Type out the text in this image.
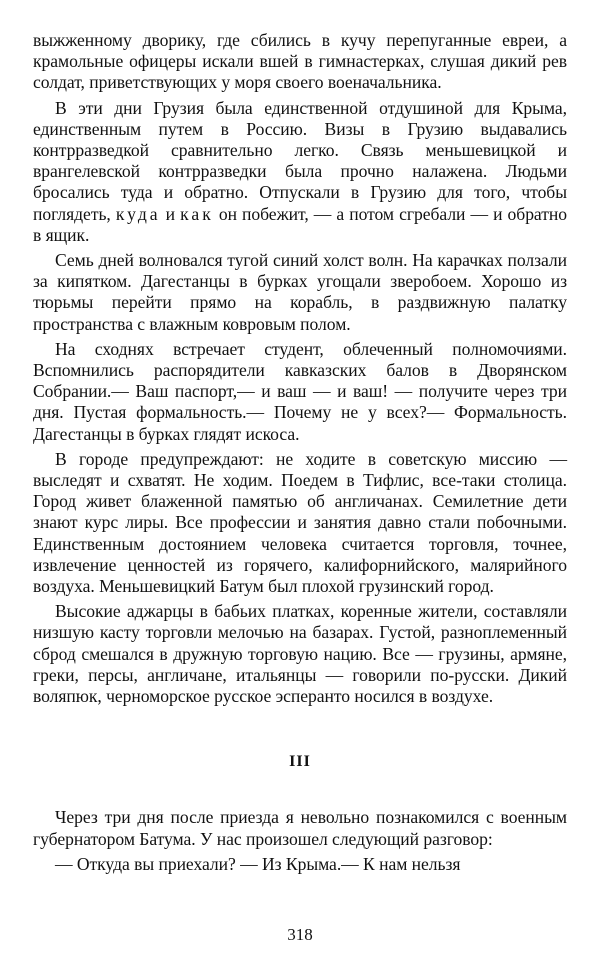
выжженному дворику, где сбились в кучу перепуганные евреи, а крамольные офицеры искали вшей в гимнастерках, слушая дикий рев солдат, приветствующих у моря своего военачальника.

В эти дни Грузия была единственной отдушиной для Крыма, единственным путем в Россию. Визы в Грузию выдавались контрразведкой сравнительно легко. Связь меньшевицкой и врангелевской контрразведки была прочно налажена. Людьми бросались туда и обратно. Отпускали в Грузию для того, чтобы поглядеть, куда и как он побежит, — а потом сгребали — и обратно в ящик.

Семь дней волновался тугой синий холст волн. На карачках ползали за кипятком. Дагестанцы в бурках угощали зверобоем. Хорошо из тюрьмы перейти прямо на корабль, в раздвижную палатку пространства с влажным ковровым полом.

На сходнях встречает студент, облеченный полномочиями. Вспомнились распорядители кавказских балов в Дворянском Собрании.— Ваш паспорт,— и ваш — и ваш! — получите через три дня. Пустая формальность.— Почему не у всех?— Формальность. Дагестанцы в бурках глядят искоса.

В городе предупреждают: не ходите в советскую миссию — выследят и схватят. Не ходим. Поедем в Тифлис, все-таки столица. Город живет блаженной памятью об англичанах. Семилетние дети знают курс лиры. Все профессии и занятия давно стали побочными. Единственным достоянием человека считается торговля, точнее, извлечение ценностей из горячего, калифорнийского, малярийного воздуха. Меньшевицкий Батум был плохой грузинский город.

Высокие аджарцы в бабьих платках, коренные жители, составляли низшую касту торговли мелочью на базарах. Густой, разноплеменный сброд смешался в дружную торговую нацию. Все — грузины, армяне, греки, персы, англичане, итальянцы — говорили по-русски. Дикий воляпюк, черноморское русское эсперанто носился в воздухе.

III

Через три дня после приезда я невольно познакомился с военным губернатором Батума. У нас произошел следующий разговор:

— Откуда вы приехали? — Из Крыма.— К нам нельзя

318
